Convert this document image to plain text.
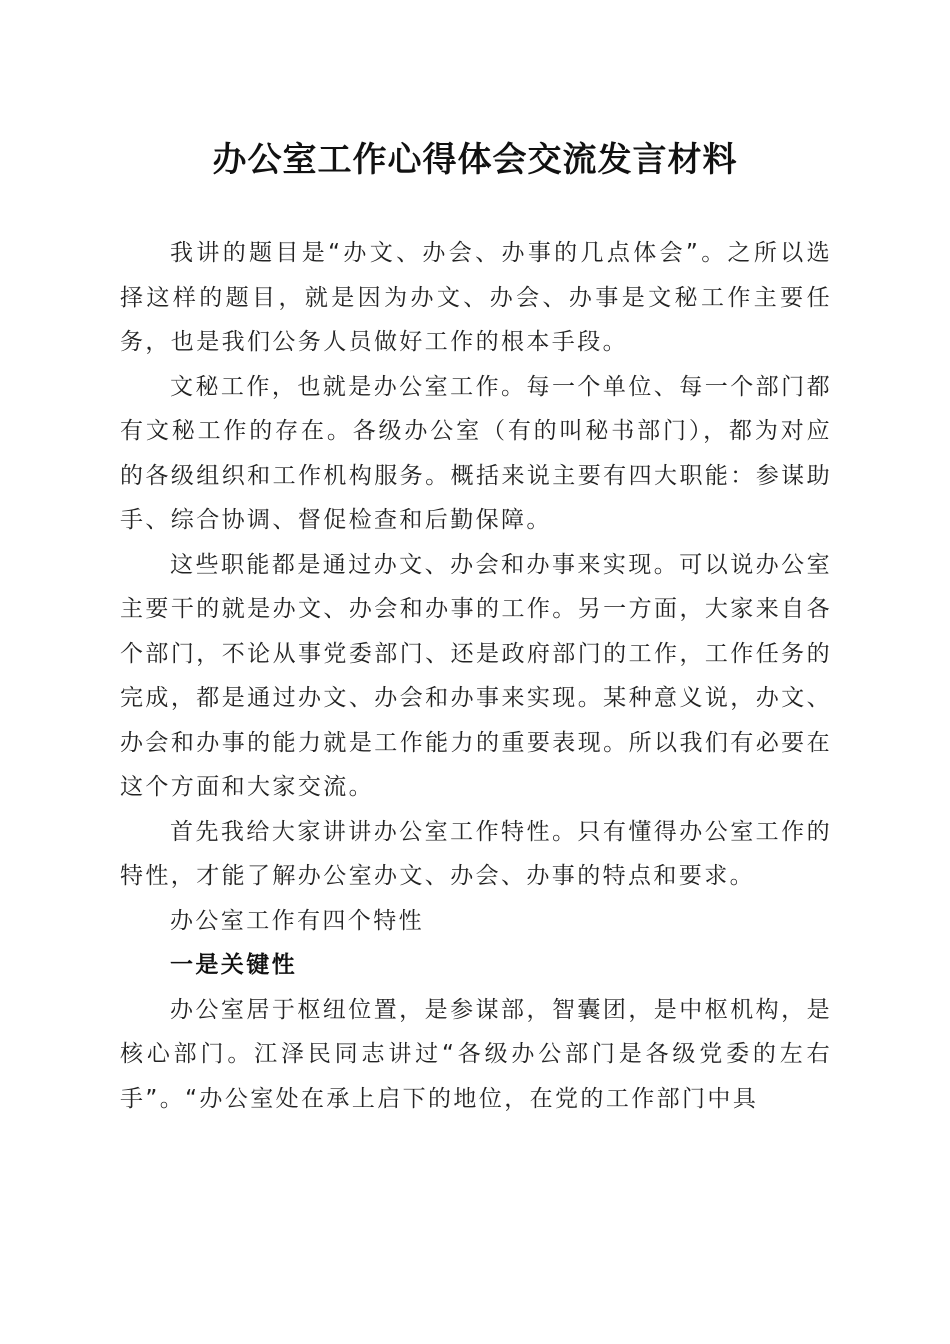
办公室工作心得体会交流发言材料

我讲的题目是“办文、办会、办事的几点体会”。之所以选择这样的题目，就是因为办文、办会、办事是文秘工作主要任务，也是我们公务人员做好工作的根本手段。

文秘工作，也就是办公室工作。每一个单位、每一个部门都有文秘工作的存在。各级办公室（有的叫秘书部门），都为对应的各级组织和工作机构服务。概括来说主要有四大职能：参谋助手、综合协调、督促检查和后勤保障。

这些职能都是通过办文、办会和办事来实现。可以说办公室主要干的就是办文、办会和办事的工作。另一方面，大家来自各个部门，不论从事党委部门、还是政府部门的工作，工作任务的完成，都是通过办文、办会和办事来实现。某种意义说，办文、办会和办事的能力就是工作能力的重要表现。所以我们有必要在这个方面和大家交流。

首先我给大家讲讲办公室工作特性。只有懂得办公室工作的特性，才能了解办公室办文、办会、办事的特点和要求。

办公室工作有四个特性

一是关键性

办公室居于枢纽位置，是参谋部，智囊团，是中枢机构，是核心部门。江泽民同志讲过“各级办公部门是各级党委的左右手”。“办公室处在承上启下的地位，在党的工作部门中具
